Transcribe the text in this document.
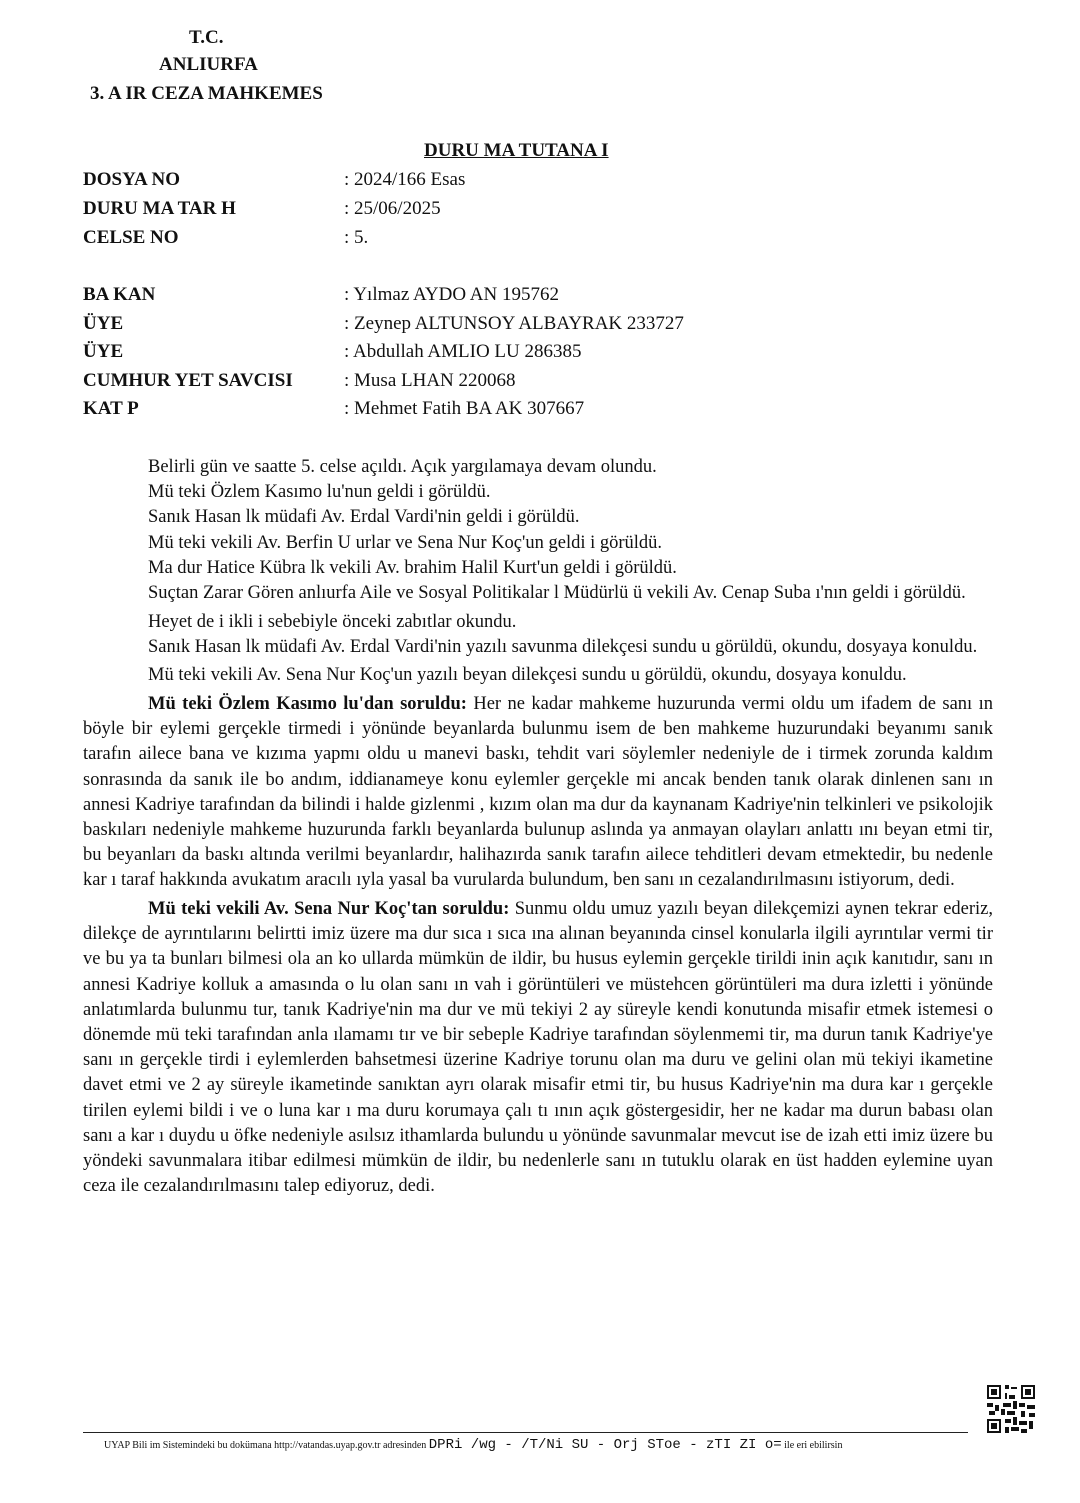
T.C.
ANLIURFA
3. A IR CEZA MAHKEMES
DURU MA TUTANA I
DOSYA NO	: 2024/166 Esas
DURU MA TAR H	: 25/06/2025
CELSE NO	: 5.
BA KAN	: Yılmaz AYDO AN 195762
ÜYE	: Zeynep ALTUNSOY ALBAYRAK 233727
ÜYE	: Abdullah AMLIO LU 286385
CUMHUR YET SAVCISI	: Musa LHAN 220068
KAT P	: Mehmet Fatih BA AK 307667

Belirli gün ve saatte 5. celse açıldı. Açık yargılamaya devam olundu.

Mü teki Özlem Kasımo lu'nun geldi i görüldü.

Sanık Hasan lk müdafi Av. Erdal Vardi'nin geldi i görüldü.

Mü teki vekili Av. Berfin U urlar ve Sena Nur Koç'un geldi i görüldü.

Ma dur Hatice Kübra lk vekili Av. brahim Halil Kurt'un geldi i görüldü.

Suçtan Zarar Gören anlıurfa Aile ve Sosyal Politikalar l Müdürlü ü vekili Av. Cenap Suba ı'nın geldi i görüldü.

Heyet de i ikli i sebebiyle önceki zabıtlar okundu.

Sanık Hasan lk müdafi Av. Erdal Vardi'nin yazılı savunma dilekçesi sundu u görüldü, okundu, dosyaya konuldu.

Mü teki vekili Av. Sena Nur Koç'un yazılı beyan dilekçesi sundu u görüldü, okundu, dosyaya konuldu.

Mü teki Özlem Kasımo lu'dan soruldu: Her ne kadar mahkeme huzurunda vermi oldu um ifadem de sanı ın böyle bir eylemi gerçekle tirmedi i yönünde beyanlarda bulunmu isem de ben mahkeme huzurundaki beyanımı sanık tarafın ailece bana ve kızıma yapmı oldu u manevi baskı, tehdit vari söylemler nedeniyle de i tirmek zorunda kaldım sonrasında da sanık ile bo andım, iddianameye konu eylemler gerçekle mi ancak benden tanık olarak dinlenen sanı ın annesi Kadriye tarafından da bilindi i halde gizlenmi , kızım olan ma dur da kaynanam Kadriye'nin telkinleri ve psikolojik baskıları nedeniyle mahkeme huzurunda farklı beyanlarda bulunup aslında ya anmayan olayları anlattı ını beyan etmi tir, bu beyanları da baskı altında verilmi beyanlardır, halihazırda sanık tarafın ailece tehditleri devam etmektedir, bu nedenle kar ı taraf hakkında avukatım aracılı ıyla yasal ba vurularda bulundum, ben sanı ın cezalandırılmasını istiyorum, dedi.

Mü teki vekili Av. Sena Nur Koç'tan soruldu: Sunmu oldu umuz yazılı beyan dilekçemizi aynen tekrar ederiz, dilekçe de ayrıntılarını belirtti imiz üzere ma dur sıca ı sıca ına alınan beyanında cinsel konularla ilgili ayrıntılar vermi tir ve bu ya ta bunları bilmesi ola an ko ullarda mümkün de ildir, bu husus eylemin gerçekle tirildi inin açık kanıtıdır, sanı ın annesi Kadriye kolluk a amasında o lu olan sanı ın vah i görüntüleri ve müstehcen görüntüleri ma dura izletti i yönünde anlatımlarda bulunmu tur, tanık Kadriye'nin ma dur ve mü tekiyi 2 ay süreyle kendi konutunda misafir etmek istemesi o dönemde mü teki tarafından anla ılamamı tır ve bir sebeple Kadriye tarafından söylenmemi tir, ma durun tanık Kadriye'ye sanı ın gerçekle tirdi i eylemlerden bahsetmesi üzerine Kadriye torunu olan ma duru ve gelini olan mü tekiyi ikametine davet etmi ve 2 ay süreyle ikametinde sanıktan ayrı olarak misafir etmi tir, bu husus Kadriye'nin ma dura kar ı gerçekle tirilen eylemi bildi i ve o luna kar ı ma duru korumaya çalı tı ının açık göstergesidir, her ne kadar ma durun babası olan sanı a kar ı duydu u öfke nedeniyle asılsız ithamlarda bulundu u yönünde savunmalar mevcut ise de izah etti imiz üzere bu yöndeki savunmalara itibar edilmesi mümkün de ildir, bu nedenlerle sanı ın tutuklu olarak en üst hadden eylemine uyan ceza ile cezalandırılmasını talep ediyoruz, dedi.

UYAP Bili im Sistemindeki bu dokümana http://vatandas.uyap.gov.tr adresinden DPRi /wg - /T/Ni SU - Orj STοe - zTI ZI o= ile eri ebilirsin
